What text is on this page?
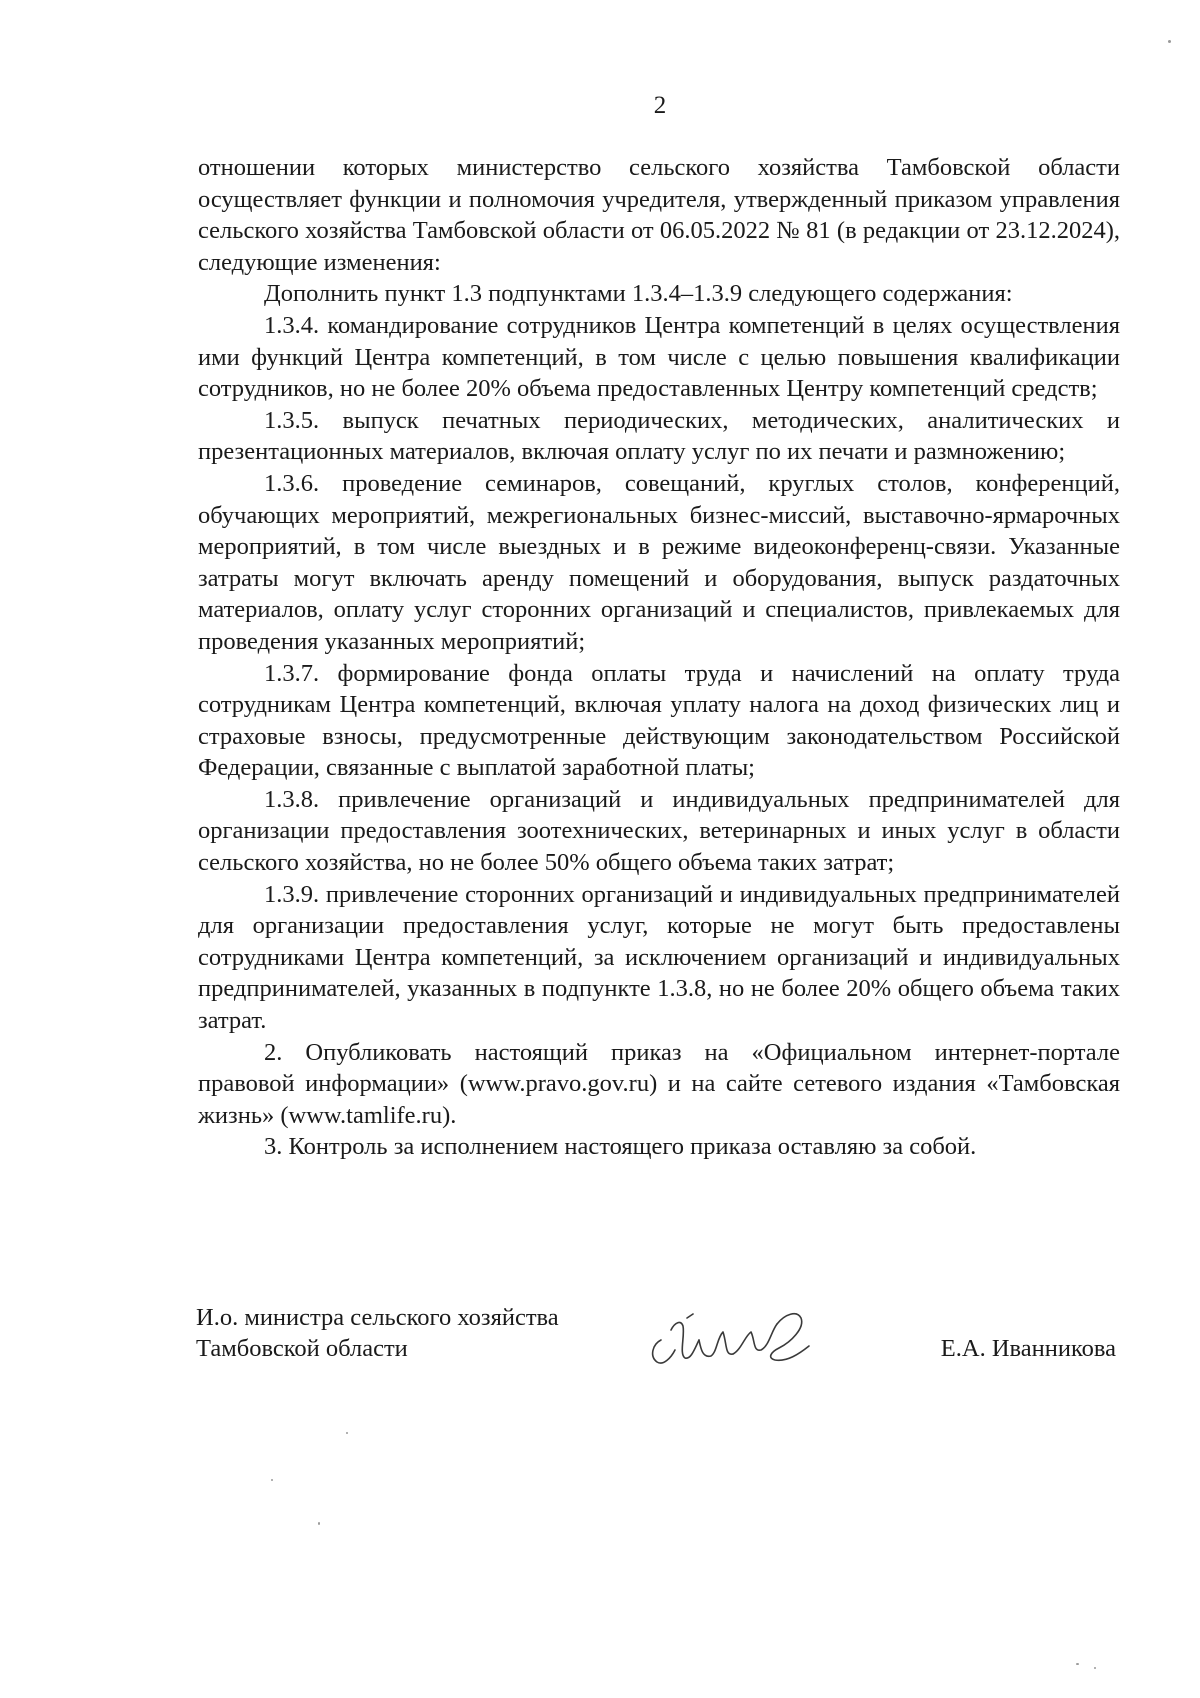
2

отношении которых министерство сельского хозяйства Тамбовской области осуществляет функции и полномочия учредителя, утвержденный приказом управления сельского хозяйства Тамбовской области от 06.05.2022 № 81 (в редакции от 23.12.2024), следующие изменения:

Дополнить пункт 1.3 подпунктами 1.3.4–1.3.9 следующего содержания:

1.3.4. командирование сотрудников Центра компетенций в целях осуществления ими функций Центра компетенций, в том числе с целью повышения квалификации сотрудников, но не более 20% объема предоставленных Центру компетенций средств;

1.3.5. выпуск печатных периодических, методических, аналитических и презентационных материалов, включая оплату услуг по их печати и размножению;

1.3.6. проведение семинаров, совещаний, круглых столов, конференций, обучающих мероприятий, межрегиональных бизнес-миссий, выставочно-ярмарочных мероприятий, в том числе выездных и в режиме видеоконференц-связи. Указанные затраты могут включать аренду помещений и оборудования, выпуск раздаточных материалов, оплату услуг сторонних организаций и специалистов, привлекаемых для проведения указанных мероприятий;

1.3.7. формирование фонда оплаты труда и начислений на оплату труда сотрудникам Центра компетенций, включая уплату налога на доход физических лиц и страховые взносы, предусмотренные действующим законодательством Российской Федерации, связанные с выплатой заработной платы;

1.3.8. привлечение организаций и индивидуальных предпринимателей для организации предоставления зоотехнических, ветеринарных и иных услуг в области сельского хозяйства, но не более 50% общего объема таких затрат;

1.3.9. привлечение сторонних организаций и индивидуальных предпринимателей для организации предоставления услуг, которые не могут быть предоставлены сотрудниками Центра компетенций, за исключением организаций и индивидуальных предпринимателей, указанных в подпункте 1.3.8, но не более 20% общего объема таких затрат.

2. Опубликовать настоящий приказ на «Официальном интернет-портале правовой информации» (www.pravo.gov.ru) и на сайте сетевого издания «Тамбовская жизнь» (www.tamlife.ru).

3. Контроль за исполнением настоящего приказа оставляю за собой.

И.о. министра сельского хозяйства
Тамбовской области	Е.А. Иванникова
